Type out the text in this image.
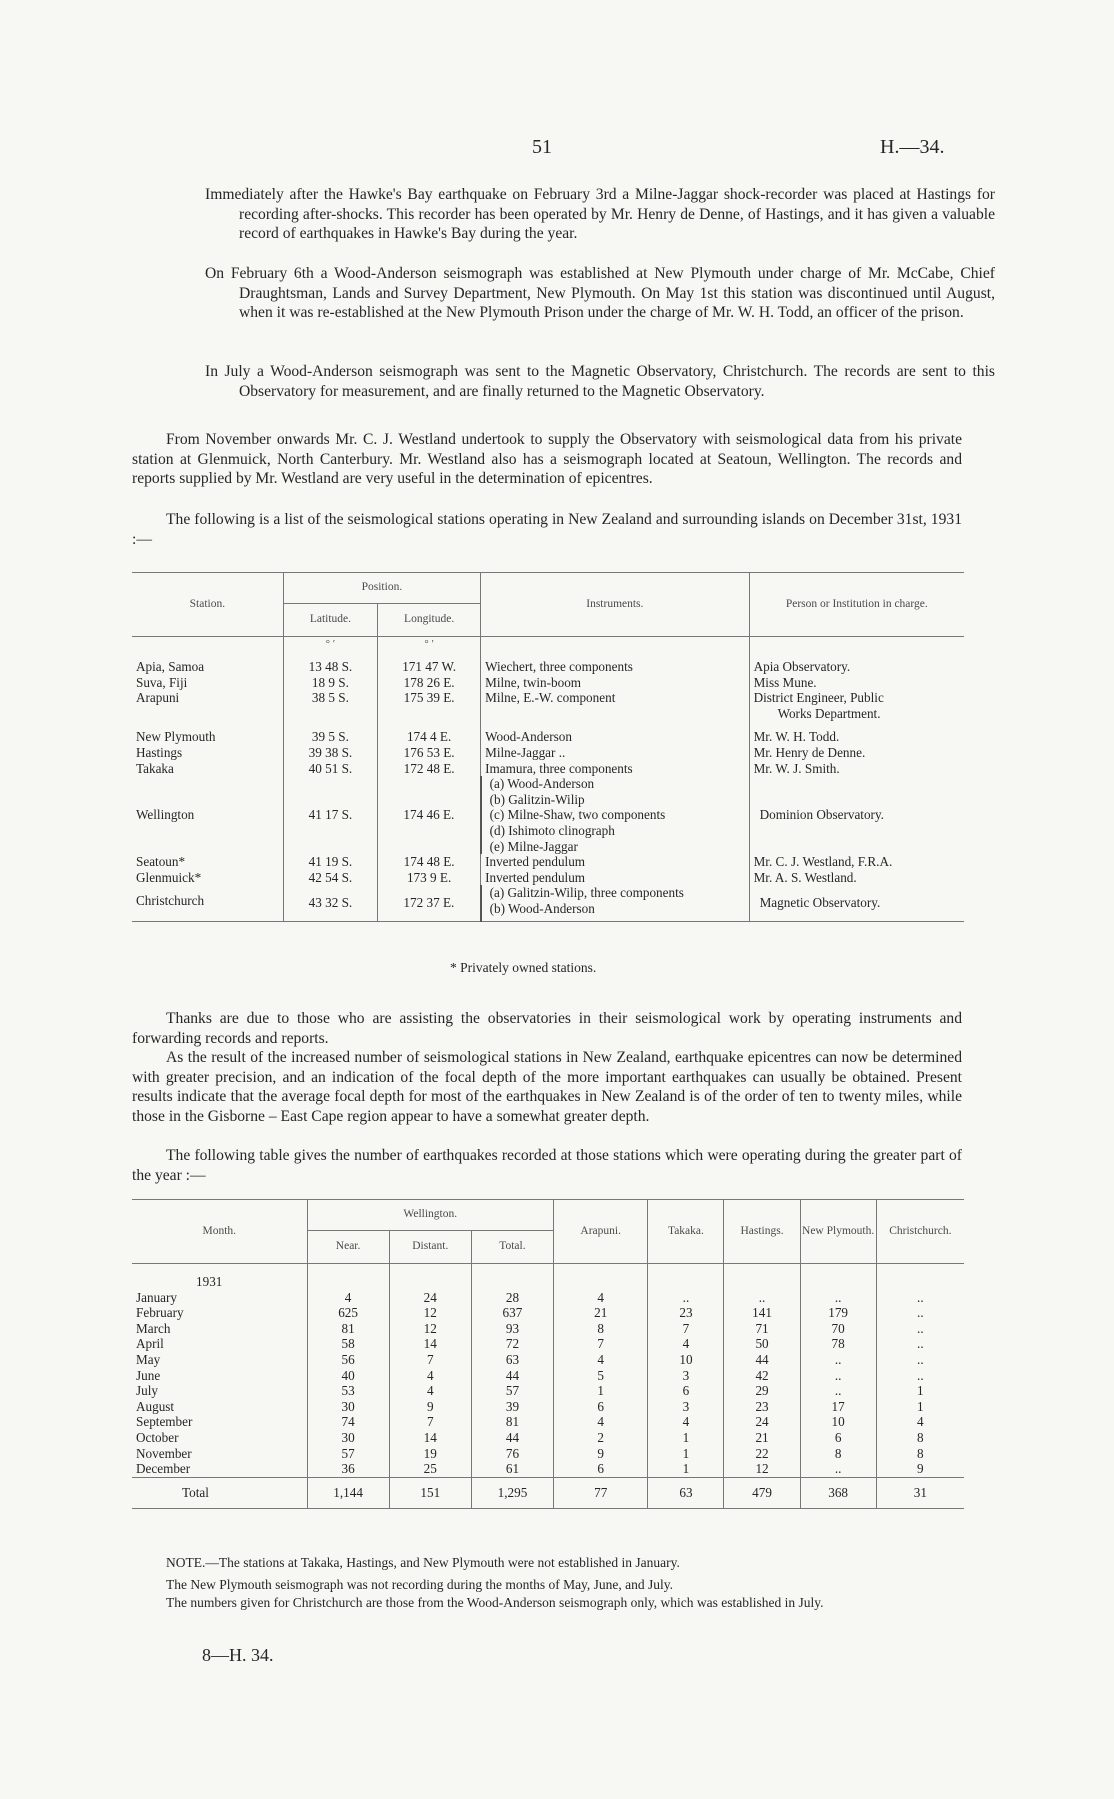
51	H.—34.

Immediately after the Hawke's Bay earthquake on February 3rd a Milne-Jaggar shock-recorder was placed at Hastings for recording after-shocks. This recorder has been operated by Mr. Henry de Denne, of Hastings, and it has given a valuable record of earthquakes in Hawke's Bay during the year.

On February 6th a Wood-Anderson seismograph was established at New Plymouth under charge of Mr. McCabe, Chief Draughtsman, Lands and Survey Department, New Plymouth. On May 1st this station was discontinued until August, when it was re-established at the New Plymouth Prison under the charge of Mr. W. H. Todd, an officer of the prison.

In July a Wood-Anderson seismograph was sent to the Magnetic Observatory, Christchurch. The records are sent to this Observatory for measurement, and are finally returned to the Magnetic Observatory.

From November onwards Mr. C. J. Westland undertook to supply the Observatory with seismological data from his private station at Glenmuick, North Canterbury. Mr. Westland also has a seismograph located at Seatoun, Wellington. The records and reports supplied by Mr. Westland are very useful in the determination of epicentres.

The following is a list of the seismological stations operating in New Zealand and surrounding islands on December 31st, 1931 :—

Station.	Position.		Instruments.	Person or Institution in charge.
	Latitude.	Longitude.		
	° ′	° ′		
Apia, Samoa	13 48 S.	171 47 W.	Wiechert, three components	Apia Observatory.
Suva, Fiji	18 9 S.	178 26 E.	Milne, twin-boom	Miss Mune.
Arapuni	38 5 S.	175 39 E.	Milne, E.-W. component	District Engineer, Public
Works Department.

New Plymouth	39 5 S.	174 4 E.	Wood-Anderson	Mr. W. H. Todd.
Hastings	39 38 S.	176 53 E.	Milne-Jaggar ..	Mr. Henry de Denne.
Takaka	40 51 S.	172 48 E.	Imamura, three components	Mr. W. J. Smith.
Wellington	41 17 S.	174 46 E.	(a) Wood-Anderson
(b) Galitzin-Wilip
(c) Milne-Shaw, two components
(d) Ishimoto clinograph
(e) Milne-Jaggar	Dominion Observatory.
Seatoun*	41 19 S.	174 48 E.	Inverted pendulum	Mr. C. J. Westland, F.R.A.
Glenmuick*	42 54 S.	173 9 E.	Inverted pendulum	Mr. A. S. Westland.
Christchurch	43 32 S.	172 37 E.	(a) Galitzin-Wilip, three components
(b) Wood-Anderson	Magnetic Observatory.
* Privately owned stations.

Thanks are due to those who are assisting the observatories in their seismological work by operating instruments and forwarding records and reports.

As the result of the increased number of seismological stations in New Zealand, earthquake epicentres can now be determined with greater precision, and an indication of the focal depth of the more important earthquakes can usually be obtained. Present results indicate that the average focal depth for most of the earthquakes in New Zealand is of the order of ten to twenty miles, while those in the Gisborne – East Cape region appear to have a somewhat greater depth.

The following table gives the number of earthquakes recorded at those stations which were operating during the greater part of the year :—

Month.	Wellington.			Arapuni.	Takaka.	Hastings.	New Plymouth.	Christchurch.
	Near.	Distant.	Total.					
1931								
January	4	24	28	4	..	..	..	..
February	625	12	637	21	23	141	179	..
March	81	12	93	8	7	71	70	..
April	58	14	72	7	4	50	78	..
May	56	7	63	4	10	44	..	..
June	40	4	44	5	3	42	..	..
July	53	4	57	1	6	29	..	1
August	30	9	39	6	3	23	17	1
September	74	7	81	4	4	24	10	4
October	30	14	44	2	1	21	6	8
November	57	19	76	9	1	22	8	8
December	36	25	61	6	1	12	..	9
Total	1,144	151	1,295	77	63	479	368	31

NOTE.—The stations at Takaka, Hastings, and New Plymouth were not established in January.

The New Plymouth seismograph was not recording during the months of May, June, and July.

The numbers given for Christchurch are those from the Wood-Anderson seismograph only, which was established in July.

8—H. 34.
